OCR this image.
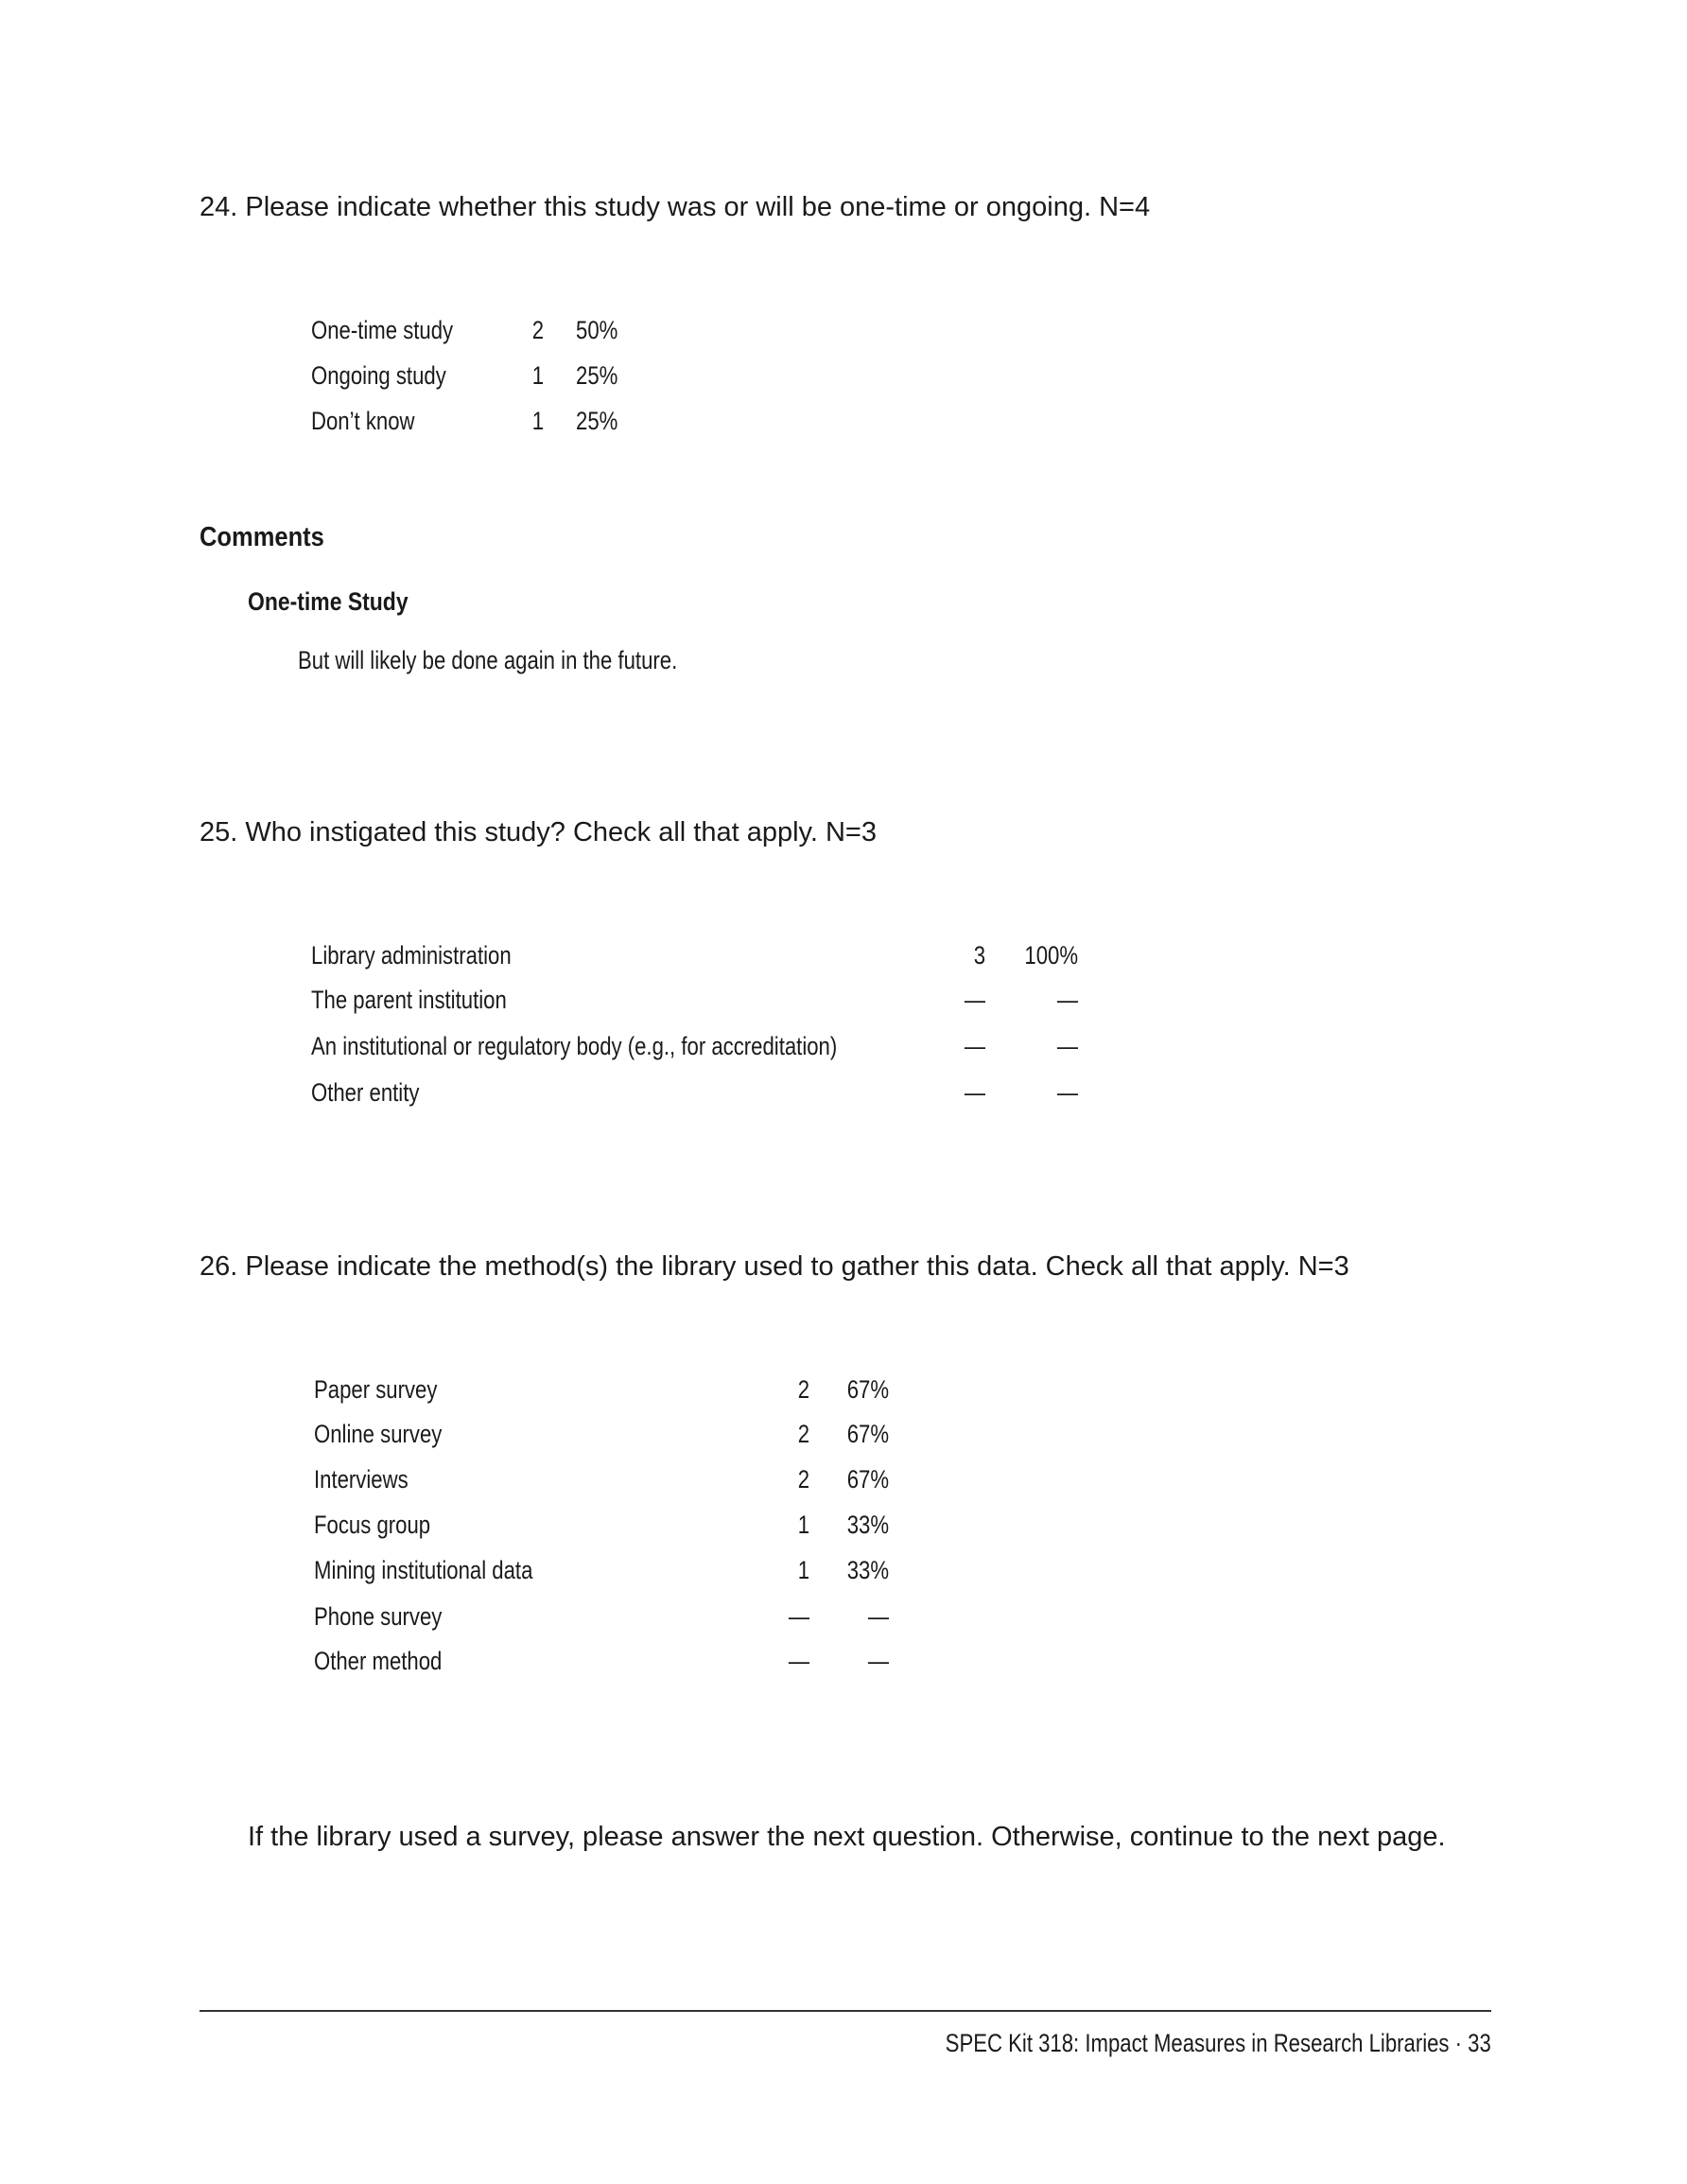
24. Please indicate whether this study was or will be one-time or ongoing. N=4
One-time study	2 50%
Ongoing study	1 25%
Don’t know	1 25%
Comments
One-time Study
But will likely be done again in the future.
25. Who instigated this study? Check all that apply. N=3
Library administration	3 100%
The parent institution	—	—
An institutional or regulatory body (e.g., for accreditation)	—	—
Other entity	—	—
26. Please indicate the method(s) the library used to gather this data. Check all that apply. N=3
Paper survey	2 67%
Online survey	2 67%
Interviews	2 67%
Focus group	1 33%
Mining institutional data	1 33%
Phone survey	— —
Other method	— —
If the library used a survey, please answer the next question. Otherwise, continue to the next page.
SPEC Kit 318: Impact Measures in Research Libraries · 33
